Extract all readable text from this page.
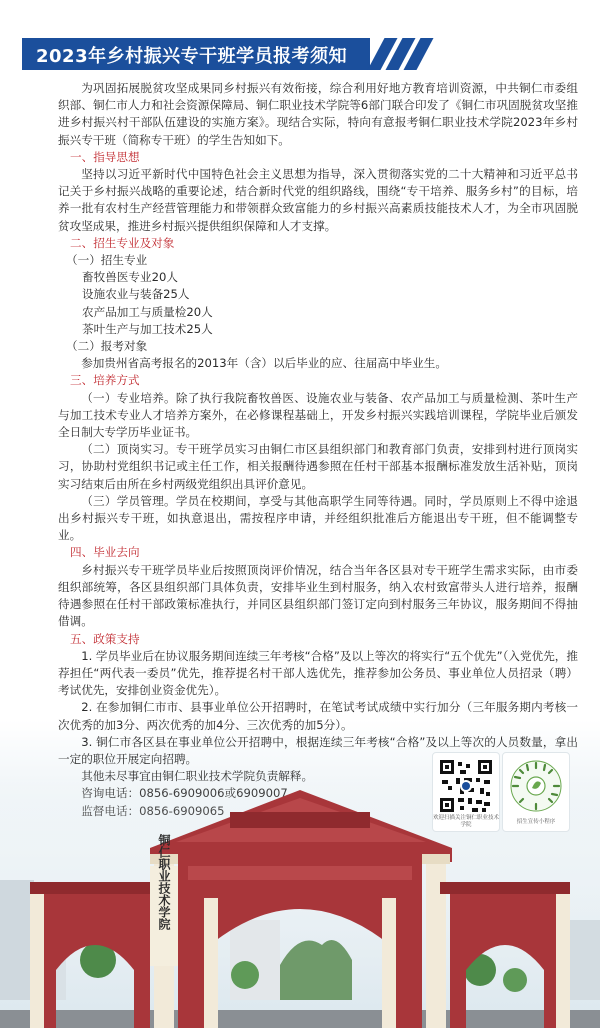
2023年乡村振兴专干班学员报考须知

为巩固拓展脱贫攻坚成果同乡村振兴有效衔接，综合利用好地方教育培训资源，中共铜仁市委组织部、铜仁市人力和社会资源保障局、铜仁职业技术学院等6部门联合印发了《铜仁市巩固脱贫攻坚推进乡村振兴村干部队伍建设的实施方案》。现结合实际，特向有意报考铜仁职业技术学院2023年乡村振兴专干班（简称专干班）的学生告知如下。

一、指导思想

坚持以习近平新时代中国特色社会主义思想为指导，深入贯彻落实党的二十大精神和习近平总书记关于乡村振兴战略的重要论述，结合新时代党的组织路线，围绕“专干培养、服务乡村”的目标，培养一批有农村生产经营管理能力和带领群众致富能力的乡村振兴高素质技能技术人才，为全市巩固脱贫攻坚成果，推进乡村振兴提供组织保障和人才支撑。

二、招生专业及对象

（一）招生专业

畜牧兽医专业20人

设施农业与装备25人

农产品加工与质量检20人

茶叶生产与加工技术25人

（二）报考对象

参加贵州省高考报名的2013年（含）以后毕业的应、往届高中毕业生。

三、培养方式

（一）专业培养。除了执行我院畜牧兽医、设施农业与装备、农产品加工与质量检测、茶叶生产与加工技术专业人才培养方案外，在必修课程基础上，开发乡村振兴实践培训课程，学院毕业后颁发全日制大专学历毕业证书。

（二）顶岗实习。专干班学员实习由铜仁市区县组织部门和教育部门负责，安排到村进行顶岗实习，协助村党组织书记或主任工作，相关报酬待遇参照在任村干部基本报酬标准发放生活补贴，顶岗实习结束后由所在乡村两级党组织出具评价意见。

（三）学员管理。学员在校期间，享受与其他高职学生同等待遇。同时，学员原则上不得中途退出乡村振兴专干班，如执意退出，需按程序申请，并经组织批准后方能退出专干班，但不能调整专业。

四、毕业去向

乡村振兴专干班学员毕业后按照顶岗评价情况，结合当年各区县对专干班学生需求实际，由市委组织部统筹，各区县组织部门具体负责，安排毕业生到村服务，纳入农村致富带头人进行培养，报酬待遇参照在任村干部政策标准执行，并同区县组织部门签订定向到村服务三年协议，服务期间不得抽借调。

五、政策支持

1. 学员毕业后在协议服务期间连续三年考核“合格”及以上等次的将实行“五个优先”（入党优先，推荐担任“两代表一委员”优先，推荐提名村干部人选优先，推荐参加公务员、事业单位人员招录（聘）考试优先，安排创业资金优先）。

2. 在参加铜仁市市、县事业单位公开招聘时，在笔试考试成绩中实行加分（三年服务期内考核一次优秀的加3分、两次优秀的加4分、三次优秀的加5分）。

3. 铜仁市各区县在事业单位公开招聘中，根据连续三年考核“合格”及以上等次的人员数量，拿出一定的职位开展定向招聘。

铜仁职业技术学院
欢迎扫描关注铜仁职业技术学院	招生宣传小程序
